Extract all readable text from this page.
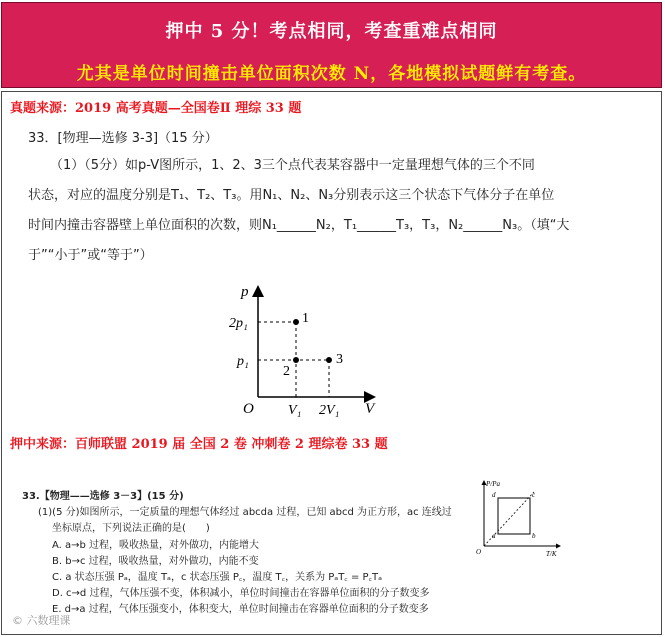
押中 5 分！考点相同，考查重难点相同
尤其是单位时间撞击单位面积次数 N，各地模拟试题鲜有考查。
真题来源：2019 高考真题—全国卷Ⅱ 理综 33 题
33．[物理—选修 3-3]（15 分）
（1）（5分）如p-V图所示，1、2、3三个点代表某容器中一定量理想气体的三个不同
状态，对应的温度分别是T₁、T₂、T₃。用N₁、N₂、N₃分别表示这三个状态下气体分子在单位
时间内撞击容器壁上单位面积的次数，则N₁______N₂，T₁______T₃，T₃，N₂______N₃。（填“大
于”“小于”或“等于”）
p
V
O
2p₁
p₁
V₁ 2V₁
1
2
3
押中来源：百师联盟 2019 届 全国 2 卷 冲刺卷 2 理综卷 33 题
33.【物理——选修 3－3】(15 分)
(1)(5 分)如图所示，一定质量的理想气体经过 abcda 过程，已知 abcd 为正方形，ac 连线过
坐标原点，下列说法正确的是(　　)
A. a→b 过程，吸收热量，对外做功，内能增大
B. b→c 过程，吸收热量，对外做功，内能不变
C. a 状态压强 Pₐ，温度 Tₐ，c 状态压强 P꜀，温度 T꜀，关系为 PₐT꜀ = P꜀Tₐ
D. c→d 过程，气体压强不变，体积减小，单位时间撞击在容器单位面积的分子数变多
E. d→a 过程，气体压强变小，体积变大，单位时间撞击在容器单位面积的分子数变多
P/Pa
T/K
O
a	b
c
d
© 六数理课
